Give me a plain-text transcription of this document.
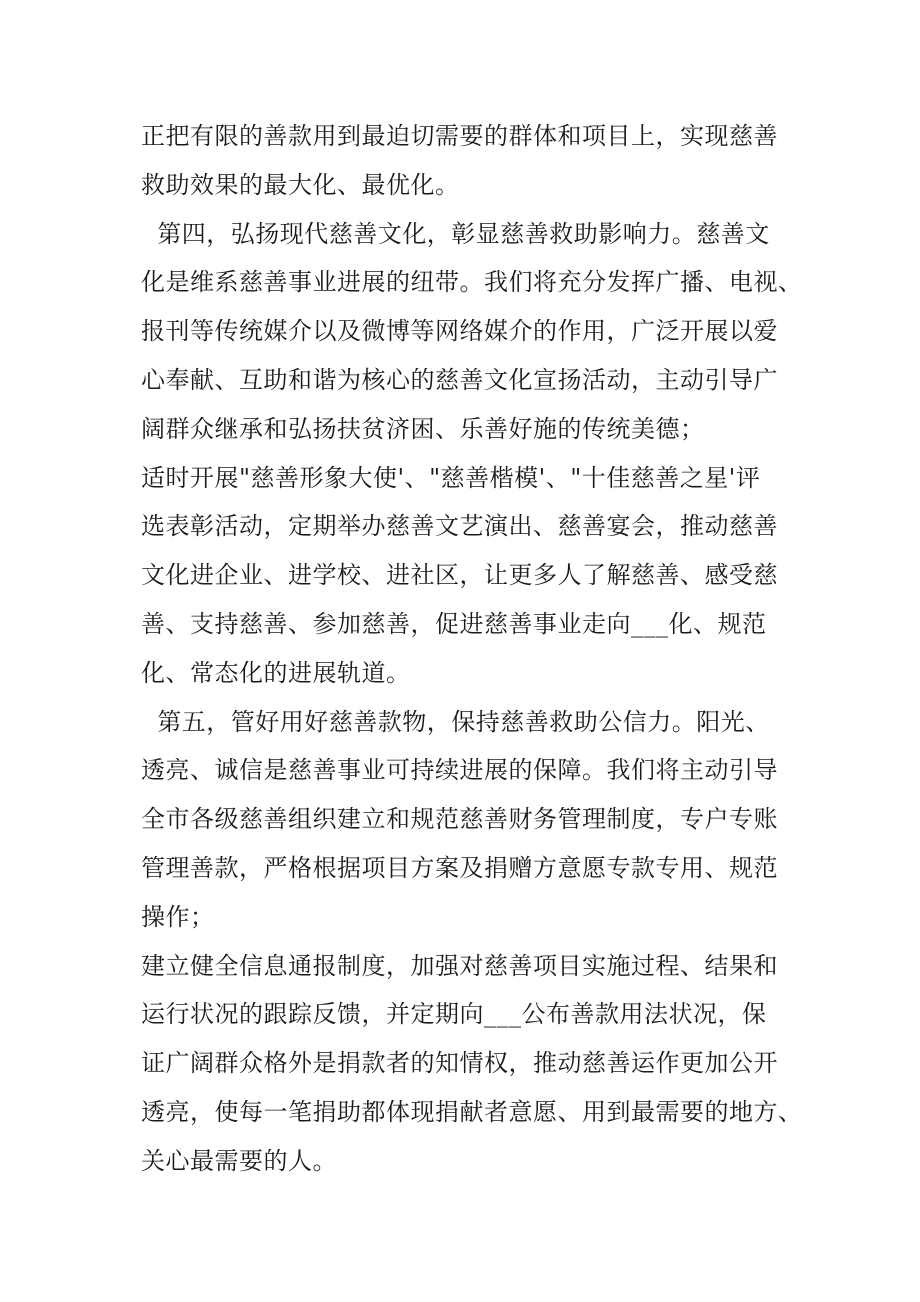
正把有限的善款用到最迫切需要的群体和项目上，实现慈善
救助效果的最大化、最优化。
第四，弘扬现代慈善文化，彰显慈善救助影响力。慈善文
化是维系慈善事业进展的纽带。我们将充分发挥广播、电视、
报刊等传统媒介以及微博等网络媒介的作用，广泛开展以爱
心奉献、互助和谐为核心的慈善文化宣扬活动，主动引导广
阔群众继承和弘扬扶贫济困、乐善好施的传统美德；
适时开展"慈善形象大使'、"慈善楷模'、"十佳慈善之星'评
选表彰活动，定期举办慈善文艺演出、慈善宴会，推动慈善
文化进企业、进学校、进社区，让更多人了解慈善、感受慈
善、支持慈善、参加慈善，促进慈善事业走向___化、规范
化、常态化的进展轨道。
第五，管好用好慈善款物，保持慈善救助公信力。阳光、
透亮、诚信是慈善事业可持续进展的保障。我们将主动引导
全市各级慈善组织建立和规范慈善财务管理制度，专户专账
管理善款，严格根据项目方案及捐赠方意愿专款专用、规范
操作；
建立健全信息通报制度，加强对慈善项目实施过程、结果和
运行状况的跟踪反馈，并定期向___公布善款用法状况，保
证广阔群众格外是捐款者的知情权，推动慈善运作更加公开
透亮，使每一笔捐助都体现捐献者意愿、用到最需要的地方、
关心最需要的人。
